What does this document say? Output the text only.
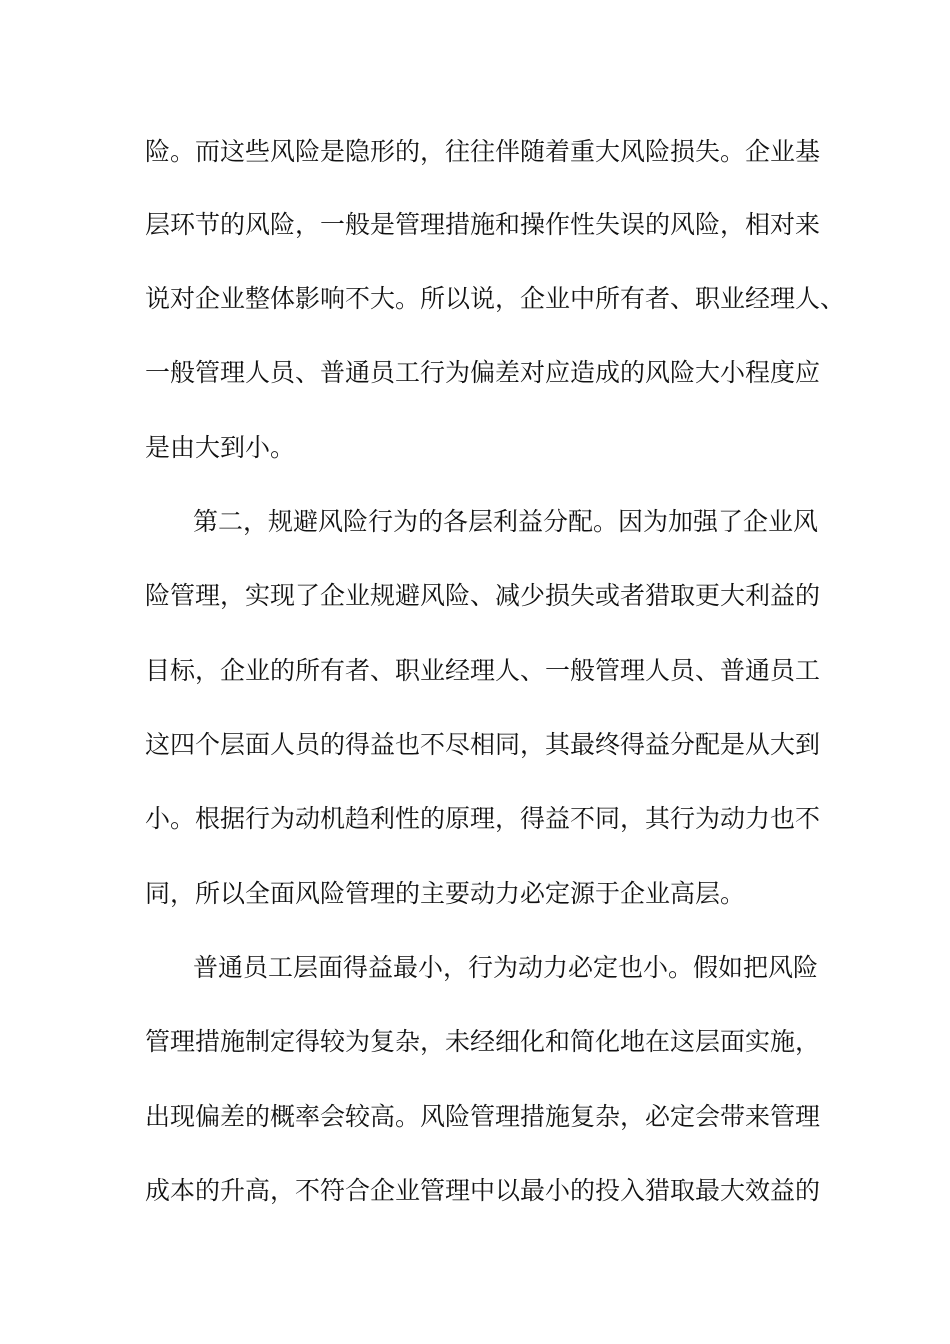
险。而这些风险是隐形的，往往伴随着重大风险损失。企业基
层环节的风险，一般是管理措施和操作性失误的风险，相对来
说对企业整体影响不大。所以说，企业中所有者、职业经理人、
一般管理人员、普通员工行为偏差对应造成的风险大小程度应
是由大到小。
第二，规避风险行为的各层利益分配。因为加强了企业风
险管理，实现了企业规避风险、减少损失或者猎取更大利益的
目标，企业的所有者、职业经理人、一般管理人员、普通员工
这四个层面人员的得益也不尽相同，其最终得益分配是从大到
小。根据行为动机趋利性的原理，得益不同，其行为动力也不
同，所以全面风险管理的主要动力必定源于企业高层。
普通员工层面得益最小，行为动力必定也小。假如把风险
管理措施制定得较为复杂，未经细化和简化地在这层面实施，
出现偏差的概率会较高。风险管理措施复杂，必定会带来管理
成本的升高，不符合企业管理中以最小的投入猎取最大效益的
